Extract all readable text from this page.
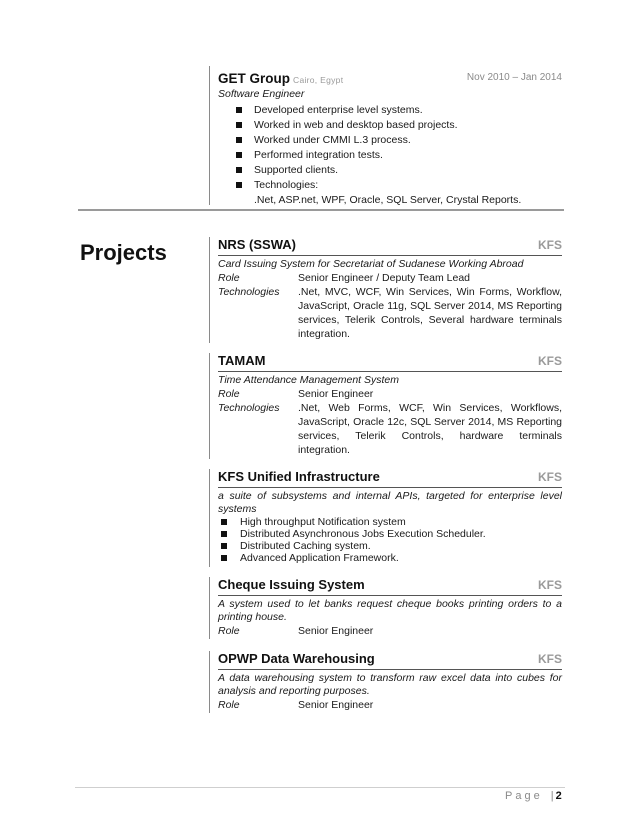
GET Group Cairo, Egypt	Nov 2010 – Jan 2014
Software Engineer
Developed enterprise level systems.
Worked in web and desktop based projects.
Worked under CMMI L.3 process.
Performed integration tests.
Supported clients.
Technologies:
.Net, ASP.net, WPF, Oracle, SQL Server, Crystal Reports.
Projects	NRS (SSWA)	KFS
Card Issuing System for Secretariat of Sudanese Working Abroad
Role	Senior Engineer / Deputy Team Lead
Technologies	.Net, MVC, WCF, Win Services, Win Forms, Workflow, JavaScript, Oracle 11g, SQL Server 2014, MS Reporting services, Telerik Controls, Several hardware terminals integration.
TAMAM	KFS
Time Attendance Management System
Role	Senior Engineer
Technologies	.Net, Web Forms, WCF, Win Services, Workflows, JavaScript, Oracle 12c, SQL Server 2014, MS Reporting services, Telerik Controls, hardware terminals integration.
KFS Unified Infrastructure	KFS
a suite of subsystems and internal APIs, targeted for enterprise level systems
High throughput Notification system
Distributed Asynchronous Jobs Execution Scheduler.
Distributed Caching system.
Advanced Application Framework.
Cheque Issuing System	KFS
A system used to let banks request cheque books printing orders to a printing house.
Role	Senior Engineer
OPWP Data Warehousing	KFS
A data warehousing system to transform raw excel data into cubes for analysis and reporting purposes.
Role	Senior Engineer
Page | 2
